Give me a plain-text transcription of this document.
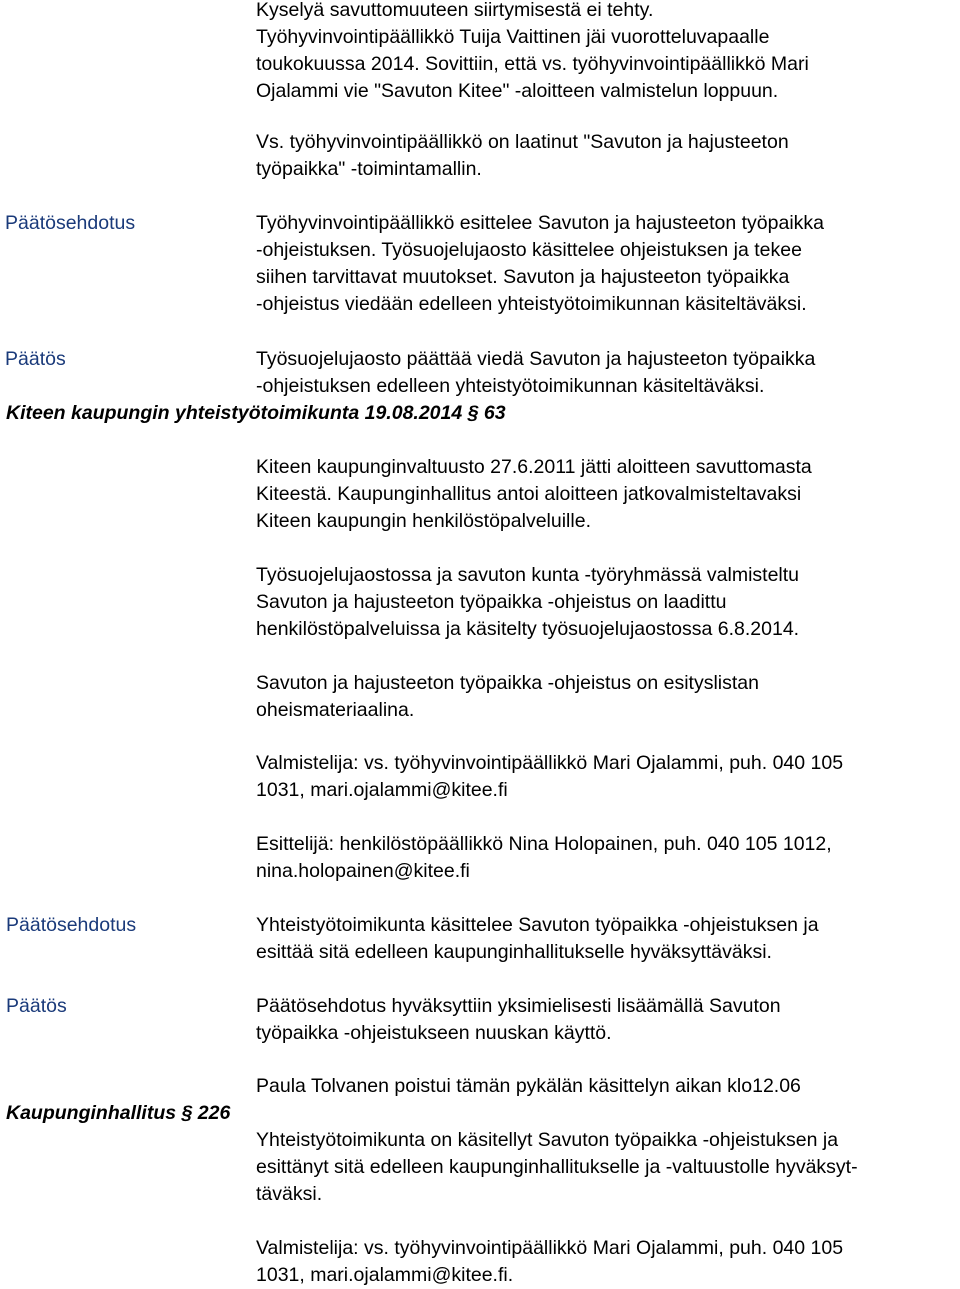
Kyselyä savuttomuuteen siirtymisestä ei tehty.
Työhyvinvointipäällikkö Tuija Vaittinen jäi vuorotteluvapaalle
toukokuussa 2014. Sovittiin, että vs. työhyvinvointipäällikkö Mari
Ojalammi vie "Savuton Kitee" -aloitteen valmistelun loppuun.
Vs. työhyvinvointipäällikkö on laatinut "Savuton ja hajusteeton
työpaikka" -toimintamallin.
Päätösehdotus	Työhyvinvointipäällikkö esittelee Savuton ja hajusteeton työpaikka
-ohjeistuksen. Työsuojelujaosto käsittelee ohjeistuksen ja tekee
siihen tarvittavat muutokset. Savuton ja hajusteeton työpaikka
-ohjeistus viedään edelleen yhteistyötoimikunnan käsiteltäväksi.
Päätös	Työsuojelujaosto päättää viedä Savuton ja hajusteeton työpaikka
-ohjeistuksen edelleen yhteistyötoimikunnan käsiteltäväksi.
Kiteen kaupungin yhteistyötoimikunta 19.08.2014 § 63
Kiteen kaupunginvaltuusto 27.6.2011 jätti aloitteen savuttomasta
Kiteestä. Kaupunginhallitus antoi aloitteen jatkovalmisteltavaksi
Kiteen kaupungin henkilöstöpalveluille.
Työsuojelujaostossa ja savuton kunta -työryhmässä valmisteltu
Savuton ja hajusteeton työpaikka -ohjeistus on laadittu
henkilöstöpalveluissa ja käsitelty työsuojelujaostossa 6.8.2014.
Savuton ja hajusteeton työpaikka -ohjeistus on esityslistan
oheismateriaalina.
Valmistelija: vs. työhyvinvointipäällikkö Mari Ojalammi, puh. 040 105
1031, mari.ojalammi@kitee.fi
Esittelijä: henkilöstöpäällikkö Nina Holopainen, puh. 040 105 1012,
nina.holopainen@kitee.fi
Päätösehdotus	Yhteistyötoimikunta käsittelee Savuton työpaikka -ohjeistuksen ja
esittää sitä edelleen kaupunginhallitukselle hyväksyttäväksi.
Päätös	Päätösehdotus hyväksyttiin yksimielisesti lisäämällä Savuton
työpaikka -ohjeistukseen nuuskan käyttö.
Paula Tolvanen poistui tämän pykälän käsittelyn aikan klo12.06
Kaupunginhallitus § 226
Yhteistyötoimikunta on käsitellyt Savuton työpaikka -ohjeistuksen ja
esittänyt sitä edelleen kaupunginhallitukselle ja -valtuustolle hyväksyt-
täväksi.
Valmistelija: vs. työhyvinvointipäällikkö Mari Ojalammi, puh. 040 105
1031, mari.ojalammi@kitee.fi.
